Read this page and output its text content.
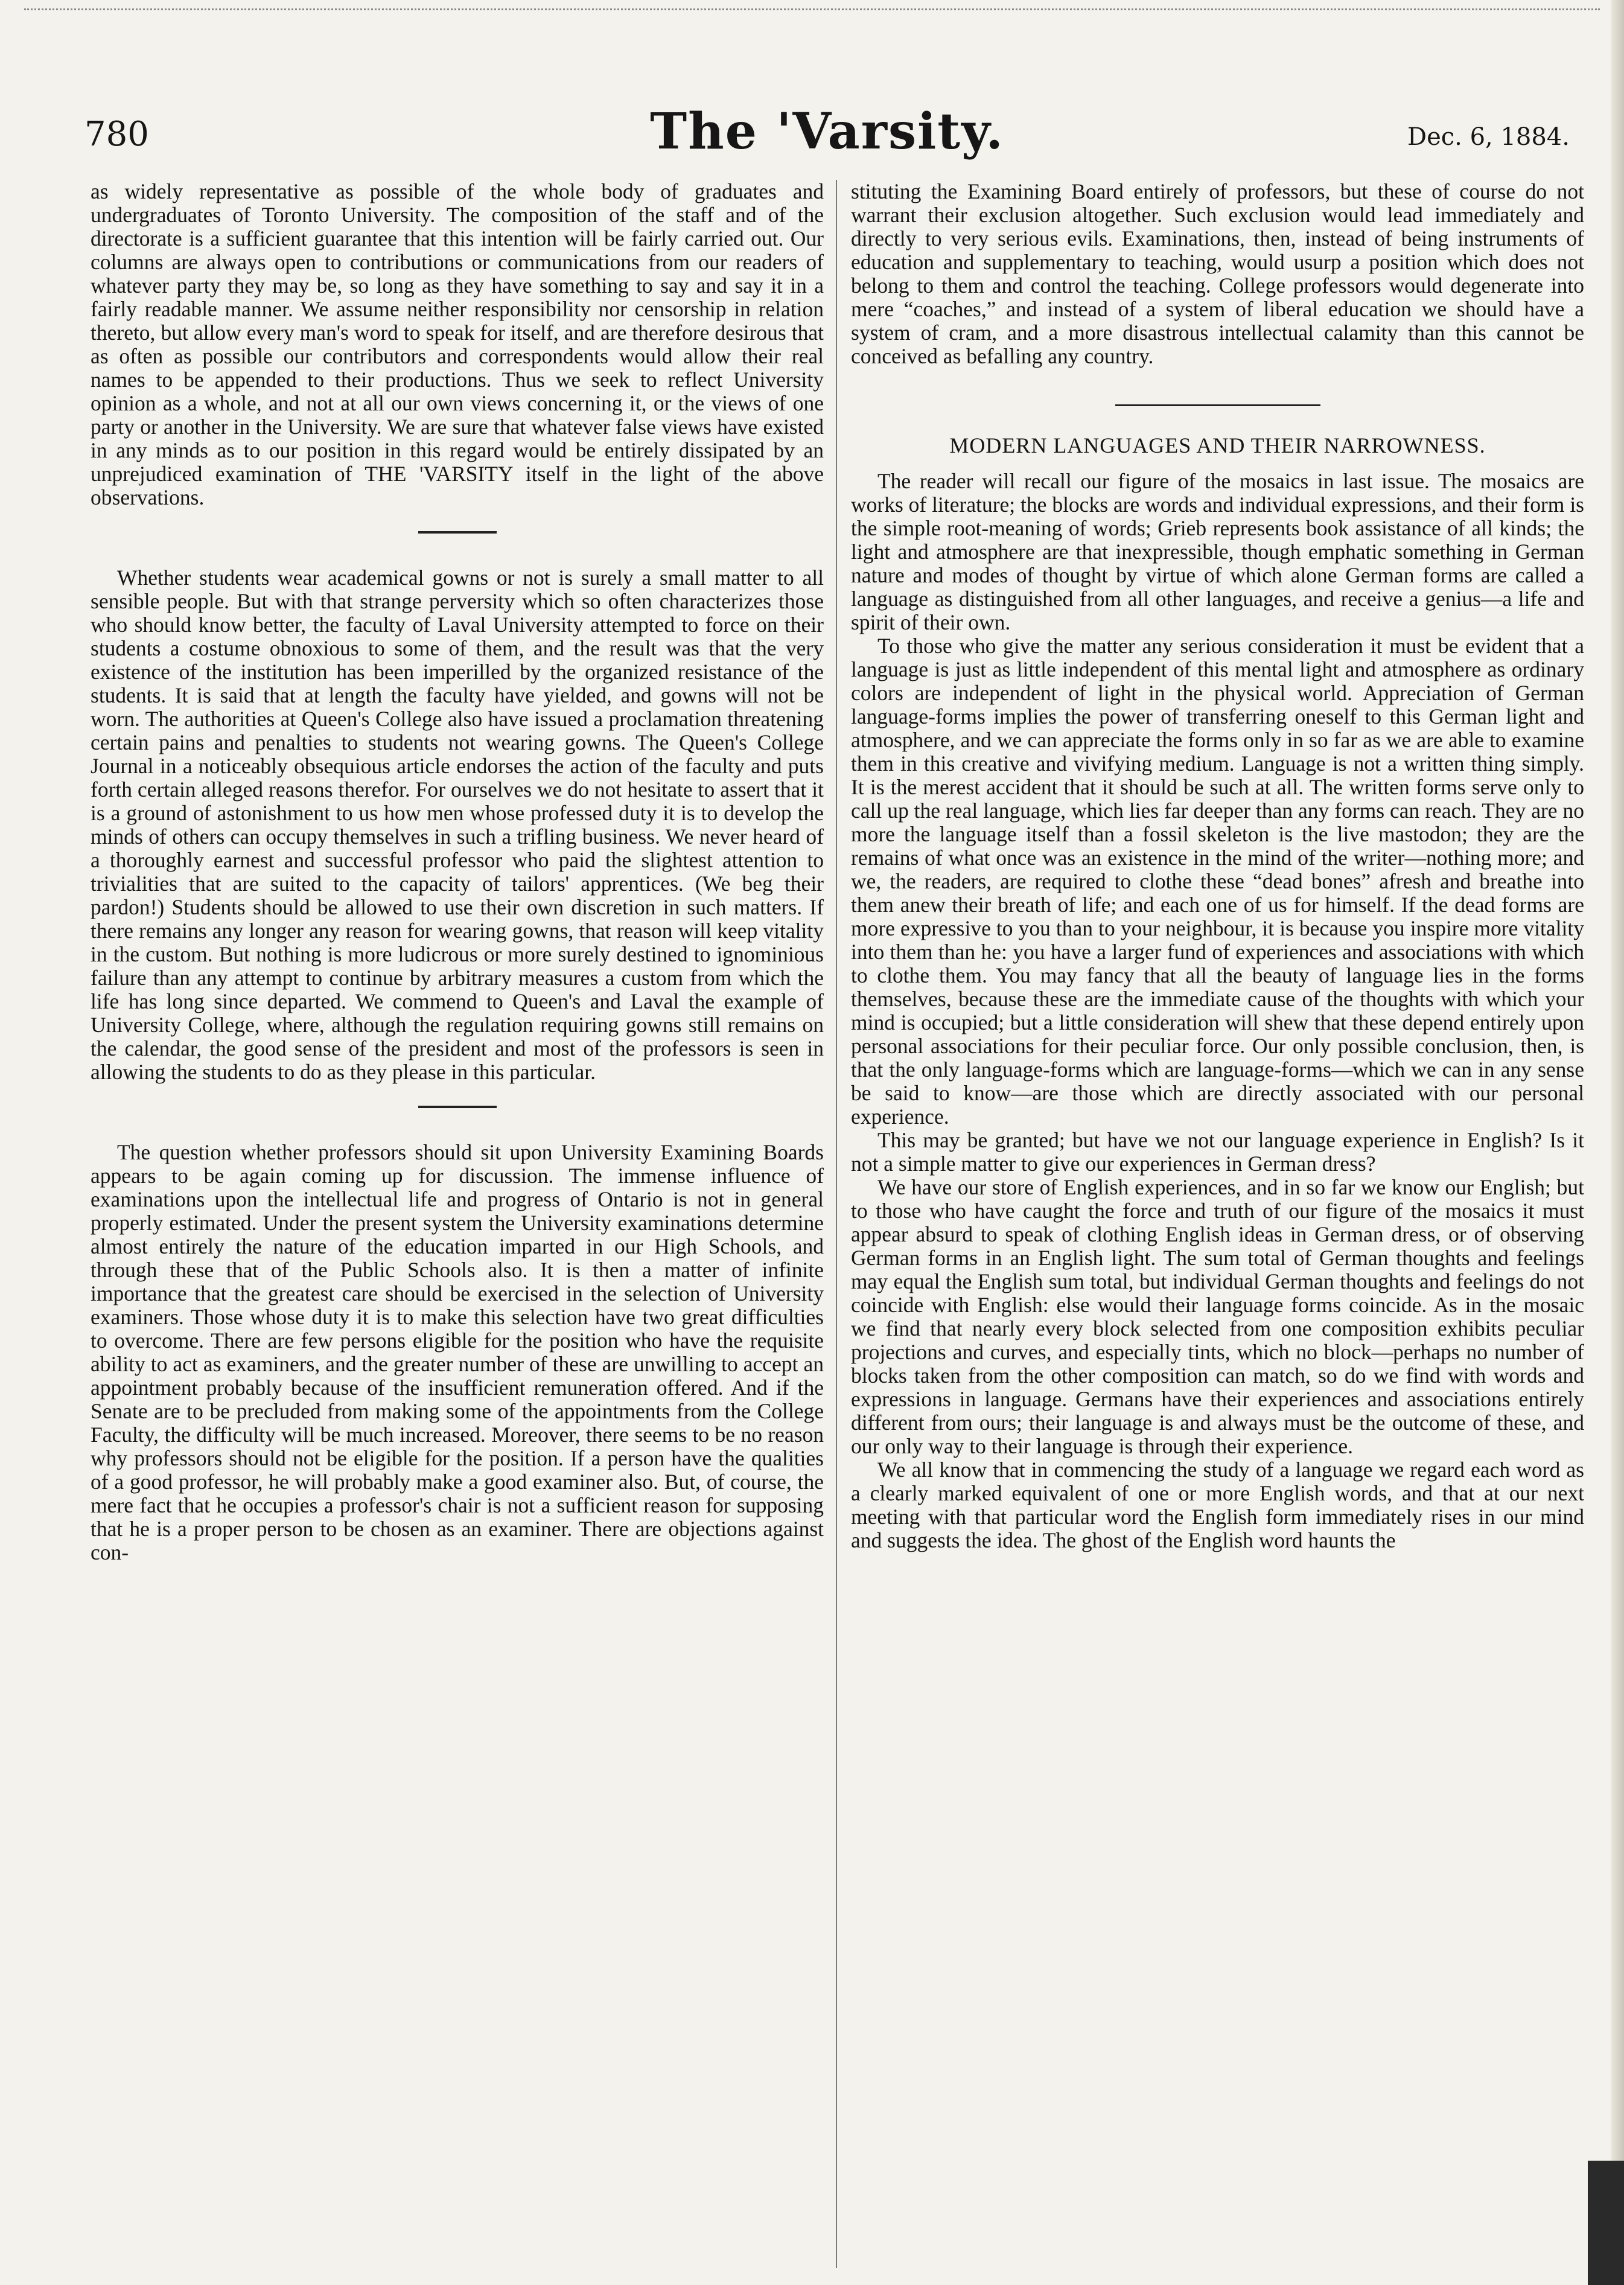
780	The 'Varsity.	Dec. 6, 1884.

as widely representative as possible of the whole body of graduates and undergraduates of Toronto University. The composition of the staff and of the directorate is a sufficient guarantee that this intention will be fairly carried out. Our columns are always open to contributions or communications from our readers of whatever party they may be, so long as they have something to say and say it in a fairly readable manner. We assume neither responsibility nor censorship in relation thereto, but allow every man's word to speak for itself, and are therefore desirous that as often as possible our contributors and correspondents would allow their real names to be appended to their productions. Thus we seek to reflect University opinion as a whole, and not at all our own views concerning it, or the views of one party or another in the University. We are sure that whatever false views have existed in any minds as to our position in this regard would be entirely dissipated by an unprejudiced examination of THE 'VARSITY itself in the light of the above observations.

Whether students wear academical gowns or not is surely a small matter to all sensible people. But with that strange perversity which so often characterizes those who should know better, the faculty of Laval University attempted to force on their students a costume obnoxious to some of them, and the result was that the very existence of the institution has been imperilled by the organized resistance of the students. It is said that at length the faculty have yielded, and gowns will not be worn. The authorities at Queen's College also have issued a proclamation threatening certain pains and penalties to students not wearing gowns. The Queen's College Journal in a noticeably obsequious article endorses the action of the faculty and puts forth certain alleged reasons therefor. For ourselves we do not hesitate to assert that it is a ground of astonishment to us how men whose professed duty it is to develop the minds of others can occupy themselves in such a trifling business. We never heard of a thoroughly earnest and successful professor who paid the slightest attention to trivialities that are suited to the capacity of tailors' apprentices. (We beg their pardon!) Students should be allowed to use their own discretion in such matters. If there remains any longer any reason for wearing gowns, that reason will keep vitality in the custom. But nothing is more ludicrous or more surely destined to ignominious failure than any attempt to continue by arbitrary measures a custom from which the life has long since departed. We commend to Queen's and Laval the example of University College, where, although the regulation requiring gowns still remains on the calendar, the good sense of the president and most of the professors is seen in allowing the students to do as they please in this particular.

The question whether professors should sit upon University Examining Boards appears to be again coming up for discussion. The immense influence of examinations upon the intellectual life and progress of Ontario is not in general properly estimated. Under the present system the University examinations determine almost entirely the nature of the education imparted in our High Schools, and through these that of the Public Schools also. It is then a matter of infinite importance that the greatest care should be exercised in the selection of University examiners. Those whose duty it is to make this selection have two great difficulties to overcome. There are few persons eligible for the position who have the requisite ability to act as examiners, and the greater number of these are unwilling to accept an appointment probably because of the insufficient remuneration offered. And if the Senate are to be precluded from making some of the appointments from the College Faculty, the difficulty will be much increased. Moreover, there seems to be no reason why professors should not be eligible for the position. If a person have the qualities of a good professor, he will probably make a good examiner also. But, of course, the mere fact that he occupies a professor's chair is not a sufficient reason for supposing that he is a proper person to be chosen as an examiner. There are objections against con-

stituting the Examining Board entirely of professors, but these of course do not warrant their exclusion altogether. Such exclusion would lead immediately and directly to very serious evils. Examinations, then, instead of being instruments of education and supplementary to teaching, would usurp a position which does not belong to them and control the teaching. College professors would degenerate into mere “coaches,” and instead of a system of liberal education we should have a system of cram, and a more disastrous intellectual calamity than this cannot be conceived as befalling any country.

MODERN LANGUAGES AND THEIR NARROWNESS.

The reader will recall our figure of the mosaics in last issue. The mosaics are works of literature; the blocks are words and individual expressions, and their form is the simple root-meaning of words; Grieb represents book assistance of all kinds; the light and atmosphere are that inexpressible, though emphatic something in German nature and modes of thought by virtue of which alone German forms are called a language as distinguished from all other languages, and receive a genius—a life and spirit of their own.

To those who give the matter any serious consideration it must be evident that a language is just as little independent of this mental light and atmosphere as ordinary colors are independent of light in the physical world. Appreciation of German language-forms implies the power of transferring oneself to this German light and atmosphere, and we can appreciate the forms only in so far as we are able to examine them in this creative and vivifying medium. Language is not a written thing simply. It is the merest accident that it should be such at all. The written forms serve only to call up the real language, which lies far deeper than any forms can reach. They are no more the language itself than a fossil skeleton is the live mastodon; they are the remains of what once was an existence in the mind of the writer—nothing more; and we, the readers, are required to clothe these “dead bones” afresh and breathe into them anew their breath of life; and each one of us for himself. If the dead forms are more expressive to you than to your neighbour, it is because you inspire more vitality into them than he: you have a larger fund of experiences and associations with which to clothe them. You may fancy that all the beauty of language lies in the forms themselves, because these are the immediate cause of the thoughts with which your mind is occupied; but a little consideration will shew that these depend entirely upon personal associations for their peculiar force. Our only possible conclusion, then, is that the only language-forms which are language-forms—which we can in any sense be said to know—are those which are directly associated with our personal experience.

This may be granted; but have we not our language experience in English? Is it not a simple matter to give our experiences in German dress?

We have our store of English experiences, and in so far we know our English; but to those who have caught the force and truth of our figure of the mosaics it must appear absurd to speak of clothing English ideas in German dress, or of observing German forms in an English light. The sum total of German thoughts and feelings may equal the English sum total, but individual German thoughts and feelings do not coincide with English: else would their language forms coincide. As in the mosaic we find that nearly every block selected from one composition exhibits peculiar projections and curves, and especially tints, which no block—perhaps no number of blocks taken from the other composition can match, so do we find with words and expressions in language. Germans have their experiences and associations entirely different from ours; their language is and always must be the outcome of these, and our only way to their language is through their experience.

We all know that in commencing the study of a language we regard each word as a clearly marked equivalent of one or more English words, and that at our next meeting with that particular word the English form immediately rises in our mind and suggests the idea. The ghost of the English word haunts the
